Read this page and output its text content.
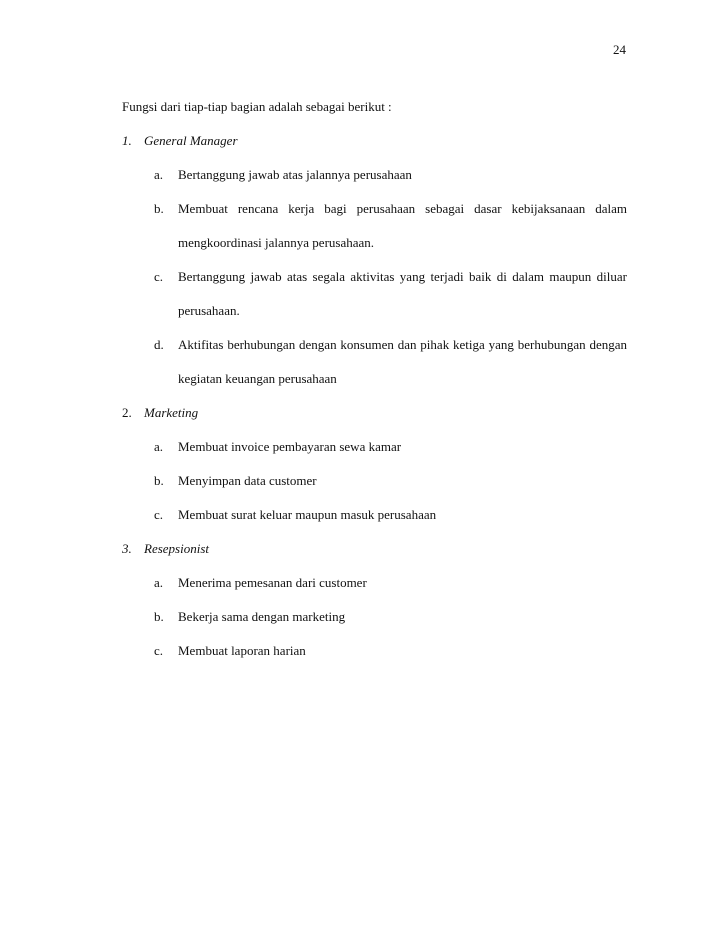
24

Fungsi dari tiap-tiap bagian adalah sebagai berikut :

1. General Manager
a.	Bertanggung jawab atas jalannya perusahaan
b.	Membuat rencana kerja bagi perusahaan sebagai dasar kebijaksanaan dalam mengkoordinasi jalannya perusahaan.
c.	Bertanggung jawab atas segala aktivitas yang terjadi baik di dalam maupun diluar perusahaan.
d.	Aktifitas berhubungan dengan konsumen dan pihak ketiga yang berhubungan dengan kegiatan keuangan perusahaan
2. Marketing
a.	Membuat invoice pembayaran sewa kamar
b.	Menyimpan data customer
c.	Membuat surat keluar maupun masuk perusahaan
3. Resepsionist
a.	Menerima pemesanan dari customer
b.	Bekerja sama dengan marketing
c.	Membuat laporan harian
